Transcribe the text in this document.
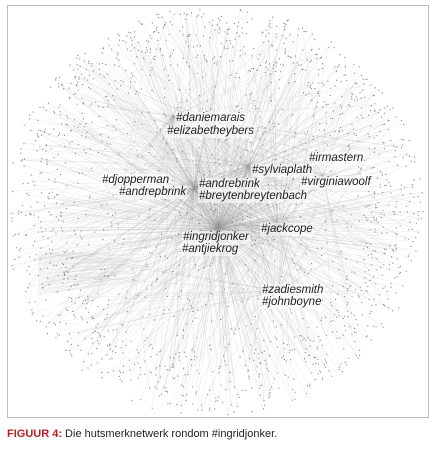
#daniemarais
#elizabetheybers
#irmastern
#sylviaplath
#virginiawoolf
#djopperman	#andrebrink
#andrepbrink #breytenbreytenbach
#ingridjonker
#jackcope
#antjiekrog
#zadiesmith
#johnboyne
FIGUUR 4: Die hutsmerknetwerk rondom #ingridjonker.
